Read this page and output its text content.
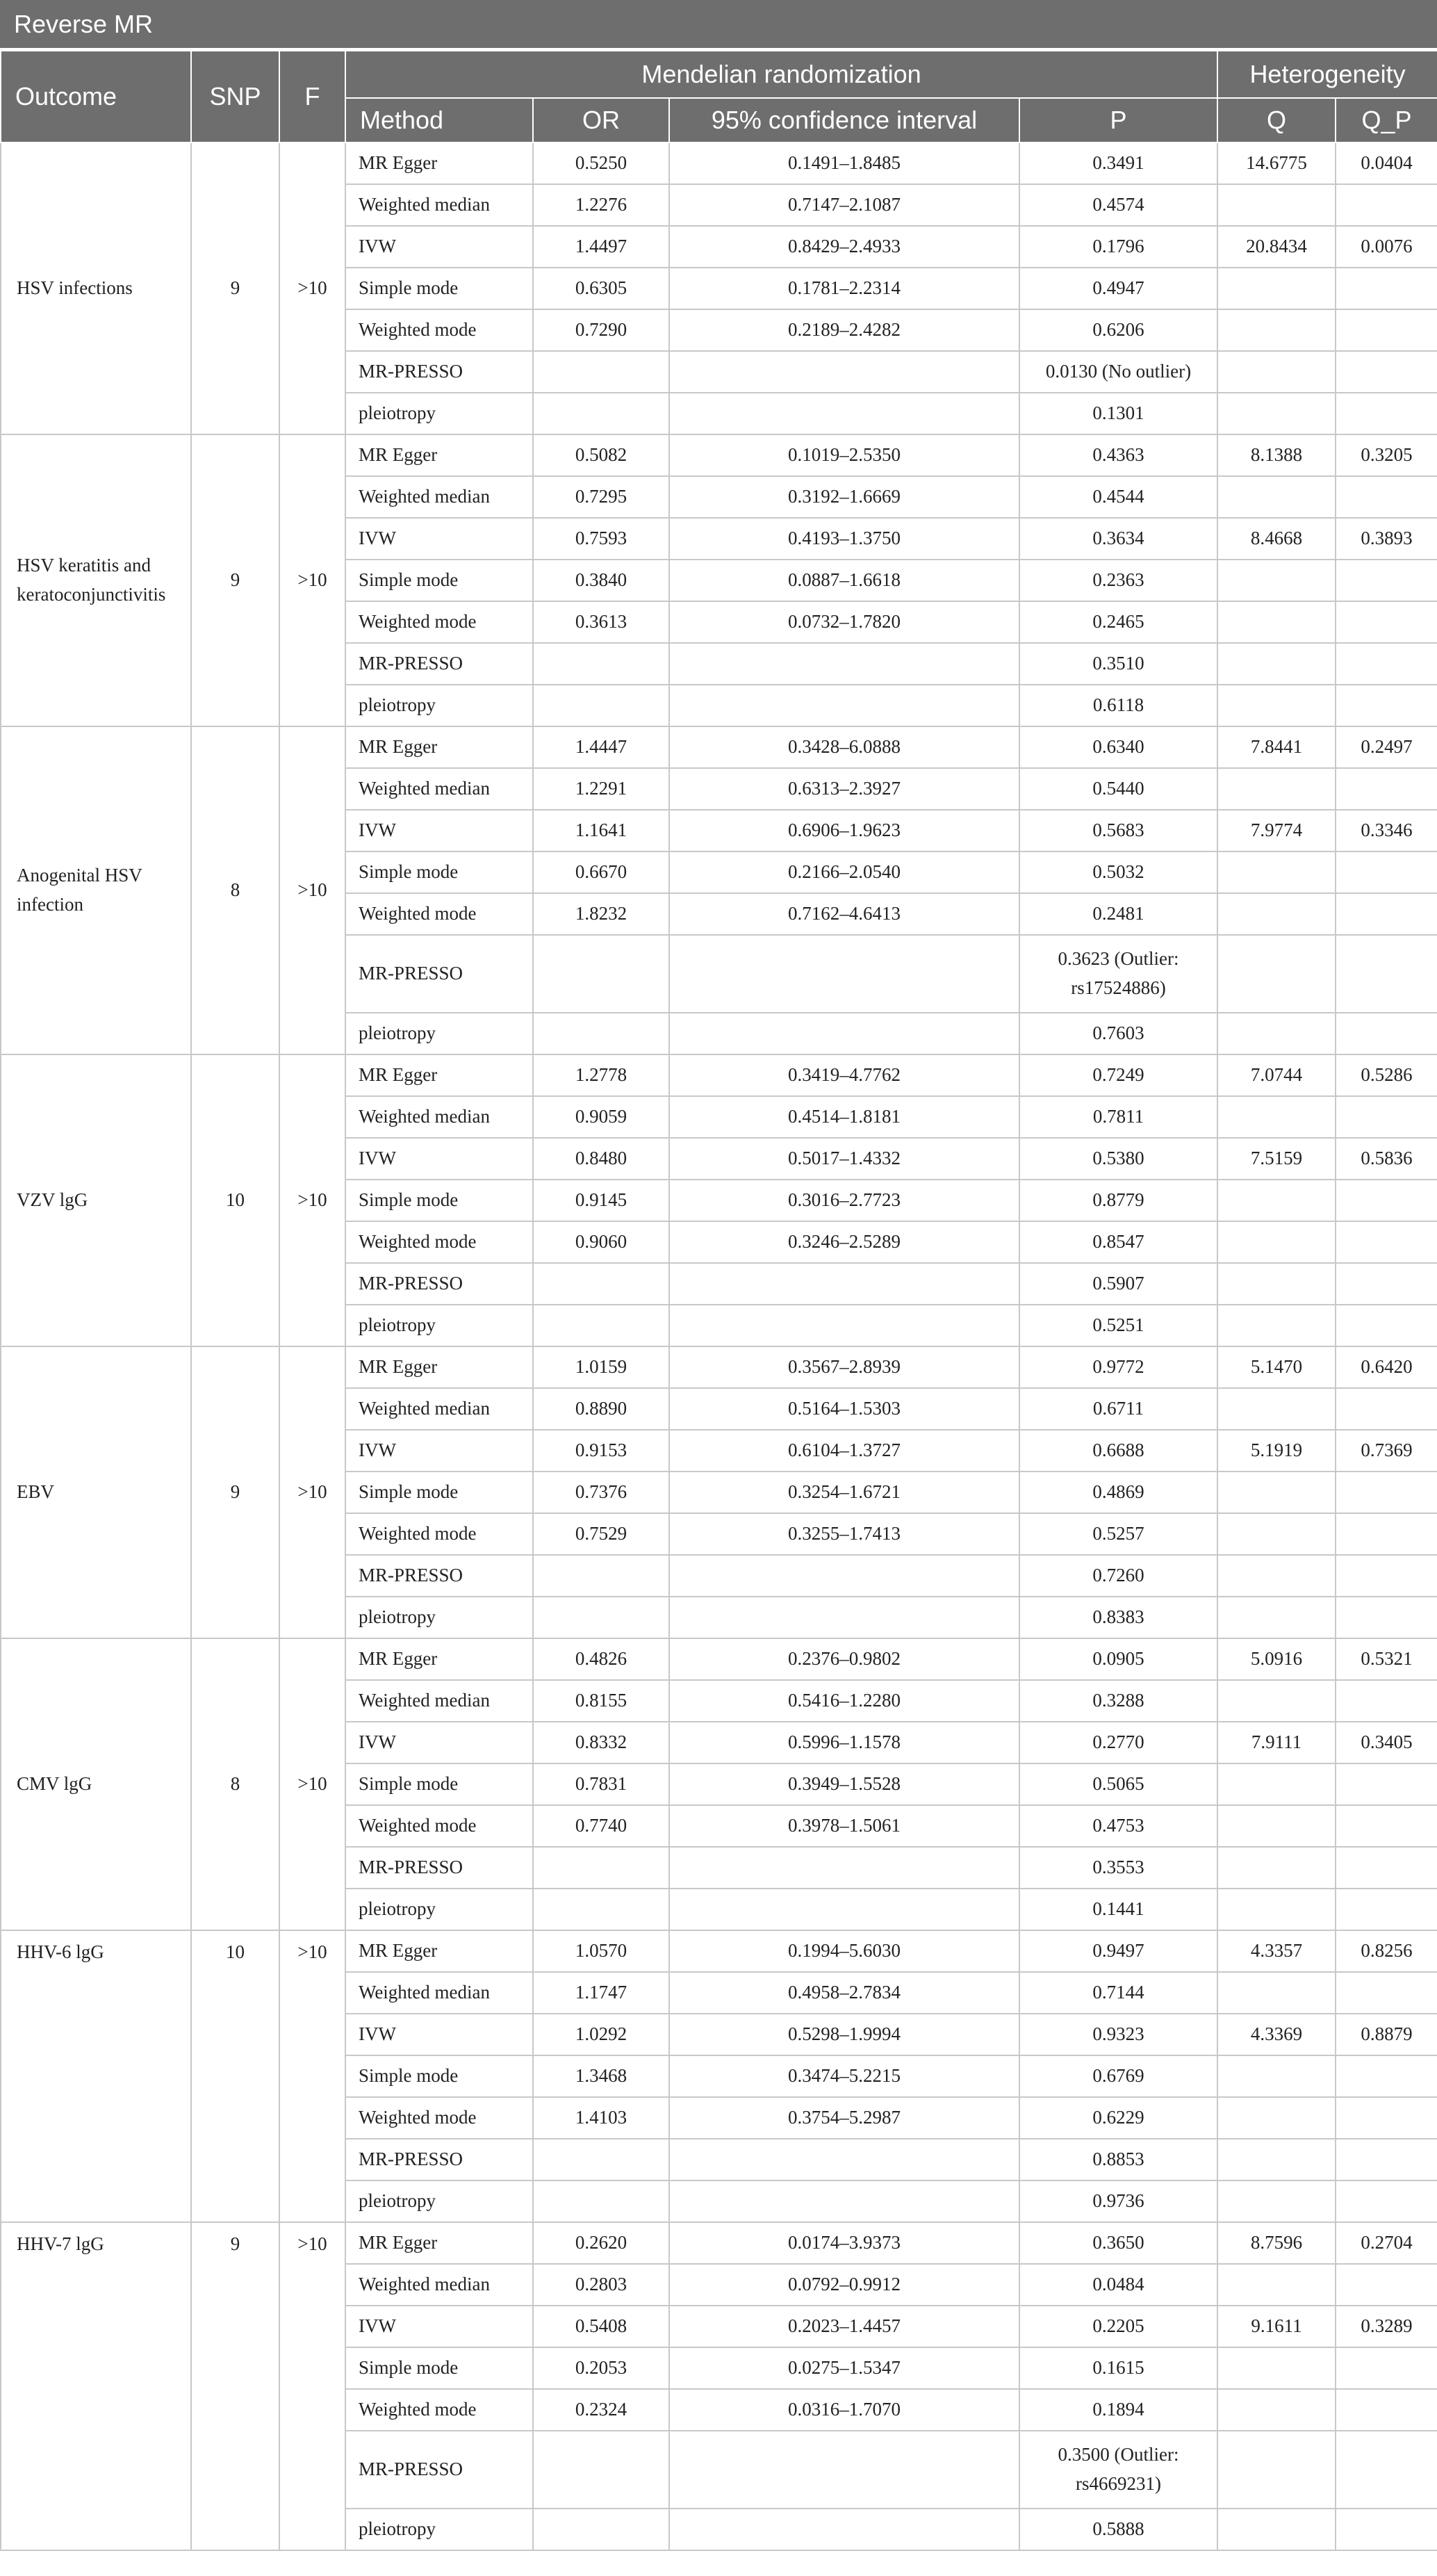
Reverse MR
Outcome	SNP	F	Mendelian randomization				Heterogeneity	
			Method	OR	95% confidence interval	P	Q	Q_P
HSV infections	9	>10	MR Egger	0.5250	0.1491–1.8485	0.3491	14.6775	0.0404
			Weighted median	1.2276	0.7147–2.1087	0.4574		
			IVW	1.4497	0.8429–2.4933	0.1796	20.8434	0.0076
			Simple mode	0.6305	0.1781–2.2314	0.4947		
			Weighted mode	0.7290	0.2189–2.4282	0.6206		
			MR-PRESSO			0.0130 (No outlier)		
			pleiotropy			0.1301		
HSV keratitis and keratoconjunctivitis	9	>10	MR Egger	0.5082	0.1019–2.5350	0.4363	8.1388	0.3205
			Weighted median	0.7295	0.3192–1.6669	0.4544		
			IVW	0.7593	0.4193–1.3750	0.3634	8.4668	0.3893
			Simple mode	0.3840	0.0887–1.6618	0.2363		
			Weighted mode	0.3613	0.0732–1.7820	0.2465		
			MR-PRESSO			0.3510		
			pleiotropy			0.6118		
Anogenital HSV infection	8	>10	MR Egger	1.4447	0.3428–6.0888	0.6340	7.8441	0.2497
			Weighted median	1.2291	0.6313–2.3927	0.5440		
			IVW	1.1641	0.6906–1.9623	0.5683	7.9774	0.3346
			Simple mode	0.6670	0.2166–2.0540	0.5032		
			Weighted mode	1.8232	0.7162–4.6413	0.2481		
			MR-PRESSO			0.3623 (Outlier: rs17524886)		
			pleiotropy			0.7603		
VZV lgG	10	>10	MR Egger	1.2778	0.3419–4.7762	0.7249	7.0744	0.5286
			Weighted median	0.9059	0.4514–1.8181	0.7811		
			IVW	0.8480	0.5017–1.4332	0.5380	7.5159	0.5836
			Simple mode	0.9145	0.3016–2.7723	0.8779		
			Weighted mode	0.9060	0.3246–2.5289	0.8547		
			MR-PRESSO			0.5907		
			pleiotropy			0.5251		
EBV	9	>10	MR Egger	1.0159	0.3567–2.8939	0.9772	5.1470	0.6420
			Weighted median	0.8890	0.5164–1.5303	0.6711		
			IVW	0.9153	0.6104–1.3727	0.6688	5.1919	0.7369
			Simple mode	0.7376	0.3254–1.6721	0.4869		
			Weighted mode	0.7529	0.3255–1.7413	0.5257		
			MR-PRESSO			0.7260		
			pleiotropy			0.8383		
CMV lgG	8	>10	MR Egger	0.4826	0.2376–0.9802	0.0905	5.0916	0.5321
			Weighted median	0.8155	0.5416–1.2280	0.3288		
			IVW	0.8332	0.5996–1.1578	0.2770	7.9111	0.3405
			Simple mode	0.7831	0.3949–1.5528	0.5065		
			Weighted mode	0.7740	0.3978–1.5061	0.4753		
			MR-PRESSO			0.3553		
			pleiotropy			0.1441		
HHV-6 lgG	10	>10	MR Egger	1.0570	0.1994–5.6030	0.9497	4.3357	0.8256
			Weighted median	1.1747	0.4958–2.7834	0.7144		
			IVW	1.0292	0.5298–1.9994	0.9323	4.3369	0.8879
			Simple mode	1.3468	0.3474–5.2215	0.6769		
			Weighted mode	1.4103	0.3754–5.2987	0.6229		
			MR-PRESSO			0.8853		
			pleiotropy			0.9736		
HHV-7 lgG	9	>10	MR Egger	0.2620	0.0174–3.9373	0.3650	8.7596	0.2704
			Weighted median	0.2803	0.0792–0.9912	0.0484		
			IVW	0.5408	0.2023–1.4457	0.2205	9.1611	0.3289
			Simple mode	0.2053	0.0275–1.5347	0.1615		
			Weighted mode	0.2324	0.0316–1.7070	0.1894		
			MR-PRESSO			0.3500 (Outlier: rs4669231)		
			pleiotropy			0.5888		
